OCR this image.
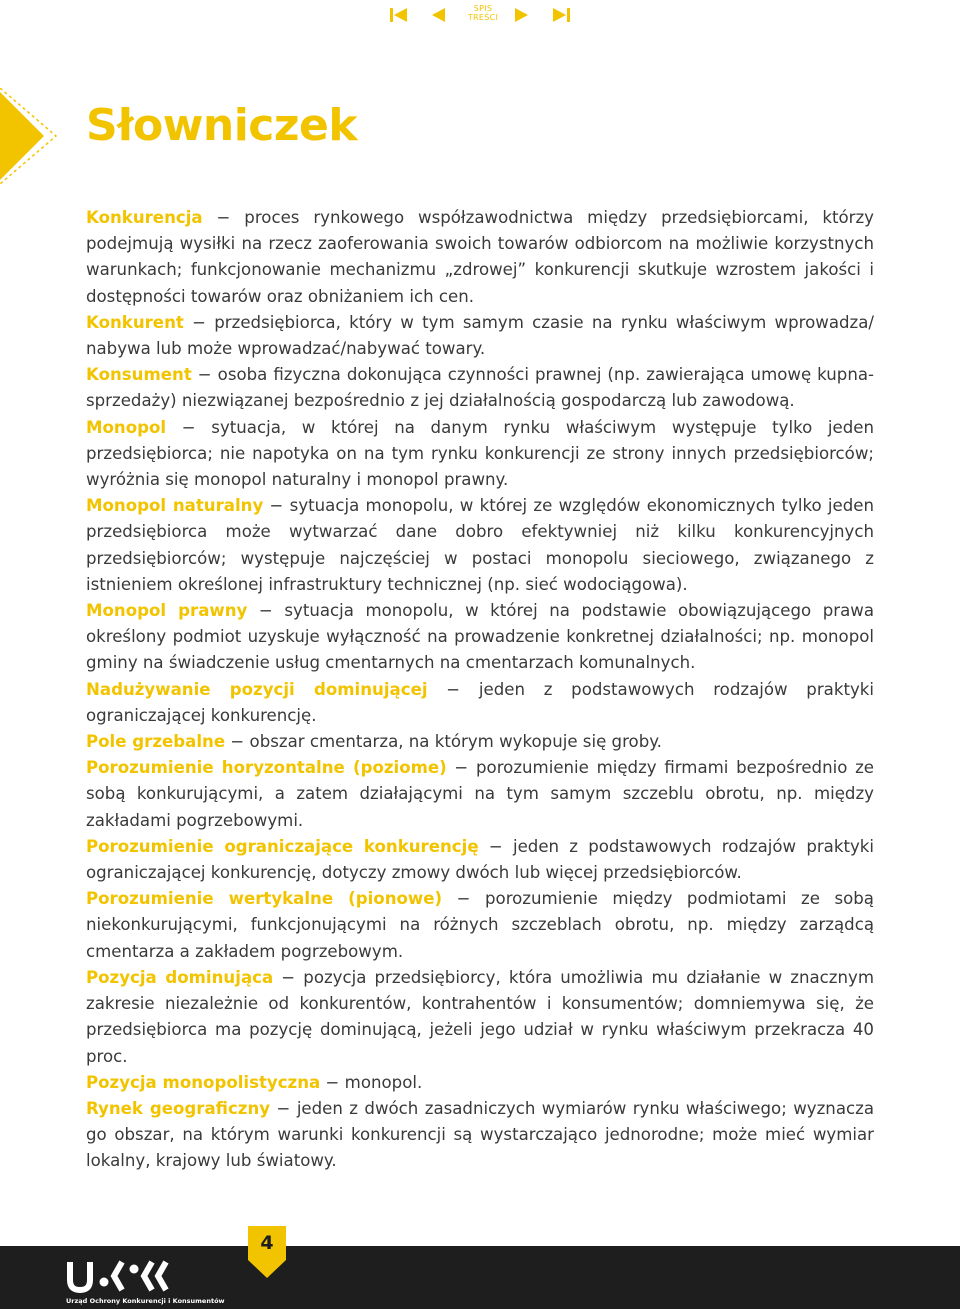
SPIS
TREŚCI
Słowniczek

Konkurencja − proces rynkowego współzawodnictwa między przedsiębiorcami, którzy podejmują wysiłki na rzecz zaoferowania swoich towarów odbiorcom na możliwie korzystnych warunkach; funkcjonowanie mechanizmu „zdrowej” konkurencji skutkuje wzrostem jakości i dostępności towarów oraz obniżaniem ich cen.

Konkurent − przedsiębiorca, który w tym samym czasie na rynku właściwym wprowadza/ nabywa lub może wprowadzać/nabywać towary.

Konsument − osoba fizyczna dokonująca czynności prawnej (np. zawierająca umowę kupna-sprzedaży) niezwiązanej bezpośrednio z jej działalnością gospodarczą lub zawodową.

Monopol − sytuacja, w której na danym rynku właściwym występuje tylko jeden przedsiębiorca; nie napotyka on na tym rynku konkurencji ze strony innych przedsiębiorców; wyróżnia się monopol naturalny i monopol prawny.

Monopol naturalny − sytuacja monopolu, w której ze względów ekonomicznych tylko jeden przedsiębiorca może wytwarzać dane dobro efektywniej niż kilku konkurencyjnych przedsiębiorców; występuje najczęściej w postaci monopolu sieciowego, związanego z istnieniem określonej infrastruktury technicznej (np. sieć wodociągowa).

Monopol prawny − sytuacja monopolu, w której na podstawie obowiązującego prawa określony podmiot uzyskuje wyłączność na prowadzenie konkretnej działalności; np. monopol gminy na świadczenie usług cmentarnych na cmentarzach komunalnych.

Nadużywanie pozycji dominującej − jeden z podstawowych rodzajów praktyki ograniczającej konkurencję.

Pole grzebalne − obszar cmentarza, na którym wykopuje się groby.

Porozumienie horyzontalne (poziome) − porozumienie między firmami bezpośrednio ze sobą konkurującymi, a zatem działającymi na tym samym szczeblu obrotu, np. między zakładami pogrzebowymi.

Porozumienie ograniczające konkurencję − jeden z podstawowych rodzajów praktyki ograniczającej konkurencję, dotyczy zmowy dwóch lub więcej przedsiębiorców.

Porozumienie wertykalne (pionowe) − porozumienie między podmiotami ze sobą niekonkurującymi, funkcjonującymi na różnych szczeblach obrotu, np. między zarządcą cmentarza a zakładem pogrzebowym.

Pozycja dominująca − pozycja przedsiębiorcy, która umożliwia mu działanie w znacznym zakresie niezależnie od konkurentów, kontrahentów i konsumentów; domniemywa się, że przedsiębiorca ma pozycję dominującą, jeżeli jego udział w rynku właściwym przekracza 40 proc.

Pozycja monopolistyczna − monopol.

Rynek geograficzny − jeden z dwóch zasadniczych wymiarów rynku właściwego; wyznacza go obszar, na którym warunki konkurencji są wystarczająco jednorodne; może mieć wymiar lokalny, krajowy lub światowy.

4
Urząd Ochrony Konkurencji i Konsumentów
